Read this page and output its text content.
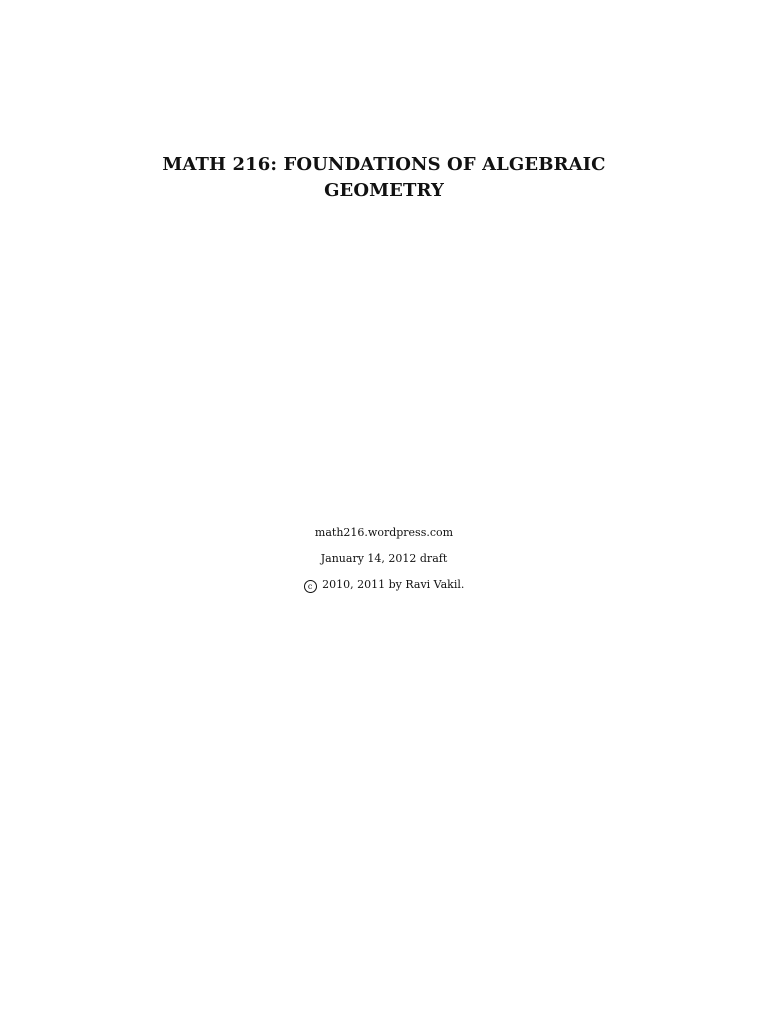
MATH 216: FOUNDATIONS OF ALGEBRAIC
GEOMETRY
math216.wordpress.com
January 14, 2012 draft
c 2010, 2011 by Ravi Vakil.
